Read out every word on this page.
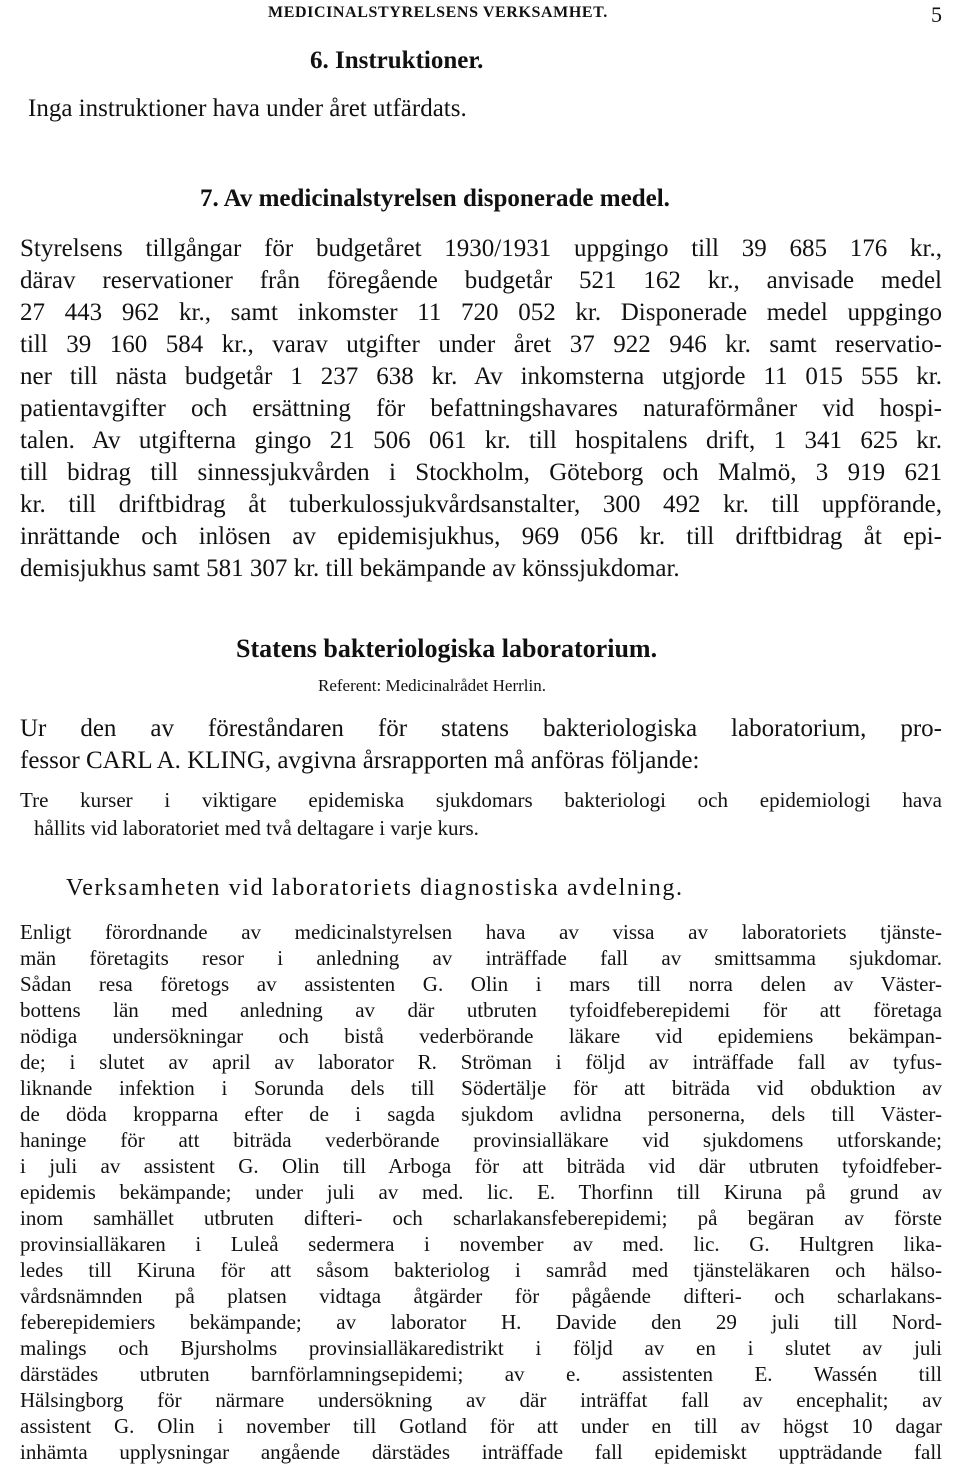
MEDICINALSTYRELSENS VERKSAMHET.	5
6. Instruktioner.
Inga instruktioner hava under året utfärdats.
7. Av medicinalstyrelsen disponerade medel.
Styrelsens tillgångar för budgetåret 1930/1931 uppgingo till 39 685 176 kr.,
därav reservationer från föregående budgetår 521 162 kr., anvisade medel
27 443 962 kr., samt inkomster 11 720 052 kr. Disponerade medel uppgingo
till 39 160 584 kr., varav utgifter under året 37 922 946 kr. samt reservatio-
ner till nästa budgetår 1 237 638 kr. Av inkomsterna utgjorde 11 015 555 kr.
patientavgifter och ersättning för befattningshavares naturaförmåner vid hospi-
talen. Av utgifterna gingo 21 506 061 kr. till hospitalens drift, 1 341 625 kr.
till bidrag till sinnessjukvården i Stockholm, Göteborg och Malmö, 3 919 621
kr. till driftbidrag åt tuberkulossjukvårdsanstalter, 300 492 kr. till uppförande,
inrättande och inlösen av epidemisjukhus, 969 056 kr. till driftbidrag åt epi-
demisjukhus samt 581 307 kr. till bekämpande av könssjukdomar.
Statens bakteriologiska laboratorium.
Referent: Medicinalrådet Herrlin.
Ur den av föreståndaren för statens bakteriologiska laboratorium, pro-
fessor CARL A. KLING, avgivna årsrapporten må anföras följande:
Tre kurser i viktigare epidemiska sjukdomars bakteriologi och epidemiologi hava
hållits vid laboratoriet med två deltagare i varje kurs.
Verksamheten vid laboratoriets diagnostiska avdelning.
Enligt förordnande av medicinalstyrelsen hava av vissa av laboratoriets tjänste-
män företagits resor i anledning av inträffade fall av smittsamma sjukdomar.
Sådan resa företogs av assistenten G. Olin i mars till norra delen av Väster-
bottens län med anledning av där utbruten tyfoidfeberepidemi för att företaga
nödiga undersökningar och bistå vederbörande läkare vid epidemiens bekämpan-
de; i slutet av april av laborator R. Ströman i följd av inträffade fall av tyfus-
liknande infektion i Sorunda dels till Södertälje för att biträda vid obduktion av
de döda kropparna efter de i sagda sjukdom avlidna personerna, dels till Väster-
haninge för att biträda vederbörande provinsialläkare vid sjukdomens utforskande;
i juli av assistent G. Olin till Arboga för att biträda vid där utbruten tyfoidfeber-
epidemis bekämpande; under juli av med. lic. E. Thorfinn till Kiruna på grund av
inom samhället utbruten difteri- och scharlakansfeberepidemi; på begäran av förste
provinsialläkaren i Luleå sedermera i november av med. lic. G. Hultgren lika-
ledes till Kiruna för att såsom bakteriolog i samråd med tjänsteläkaren och hälso-
vårdsnämnden på platsen vidtaga åtgärder för pågående difteri- och scharlakans-
feberepidemiers bekämpande; av laborator H. Davide den 29 juli till Nord-
malings och Bjursholms provinsialläkaredistrikt i följd av en i slutet av juli
därstädes utbruten barnförlamningsepidemi; av e. assistenten E. Wassén till
Hälsingborg för närmare undersökning av där inträffat fall av encephalit; av
assistent G. Olin i november till Gotland för att under en till av högst 10 dagar
inhämta upplysningar angående därstädes inträffade fall epidemiskt uppträdande fall
